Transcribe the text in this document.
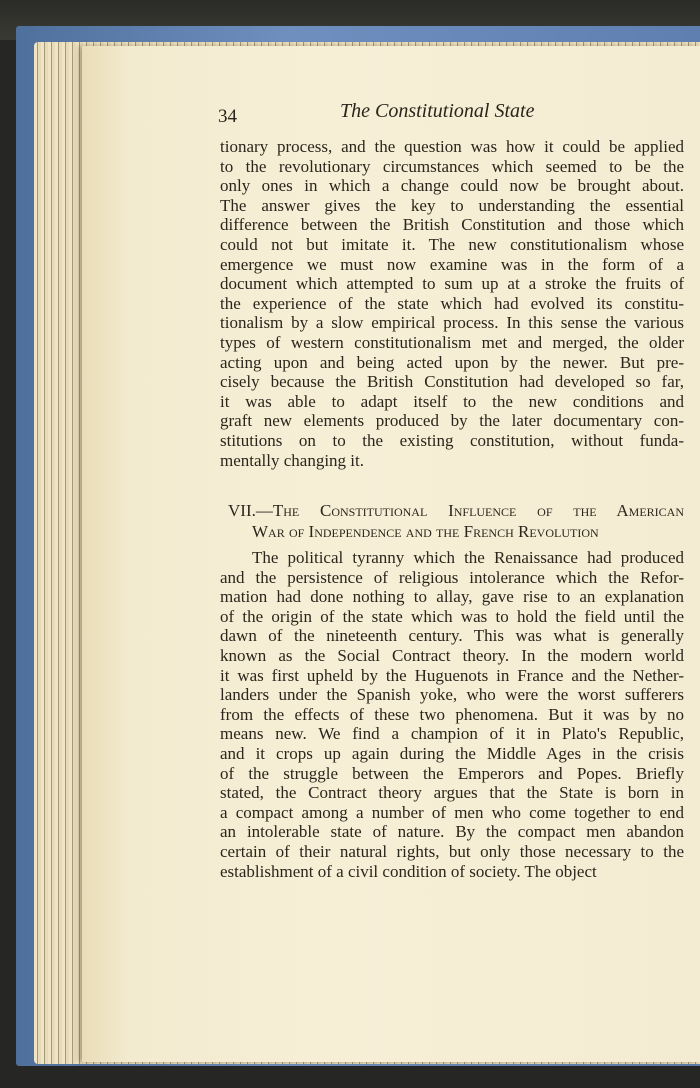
34	The Constitutional State
tionary process, and the question was how it could be applied
to the revolutionary circumstances which seemed to be the
only ones in which a change could now be brought about.
The answer gives the key to understanding the essential
difference between the British Constitution and those which
could not but imitate it. The new constitutionalism whose
emergence we must now examine was in the form of a
document which attempted to sum up at a stroke the fruits of
the experience of the state which had evolved its constitu-
tionalism by a slow empirical process. In this sense the various
types of western constitutionalism met and merged, the older
acting upon and being acted upon by the newer. But pre-
cisely because the British Constitution had developed so far,
it was able to adapt itself to the new conditions and
graft new elements produced by the later documentary con-
stitutions on to the existing constitution, without funda-
mentally changing it.
VII.—The Constitutional Influence of the American
War of Independence and the French Revolution
The political tyranny which the Renaissance had produced
and the persistence of religious intolerance which the Refor-
mation had done nothing to allay, gave rise to an explanation
of the origin of the state which was to hold the field until the
dawn of the nineteenth century. This was what is generally
known as the Social Contract theory. In the modern world
it was first upheld by the Huguenots in France and the Nether-
landers under the Spanish yoke, who were the worst sufferers
from the effects of these two phenomena. But it was by no
means new. We find a champion of it in Plato's Republic,
and it crops up again during the Middle Ages in the crisis
of the struggle between the Emperors and Popes. Briefly
stated, the Contract theory argues that the State is born in
a compact among a number of men who come together to end
an intolerable state of nature. By the compact men abandon
certain of their natural rights, but only those necessary to the
establishment of a civil condition of society. The object
